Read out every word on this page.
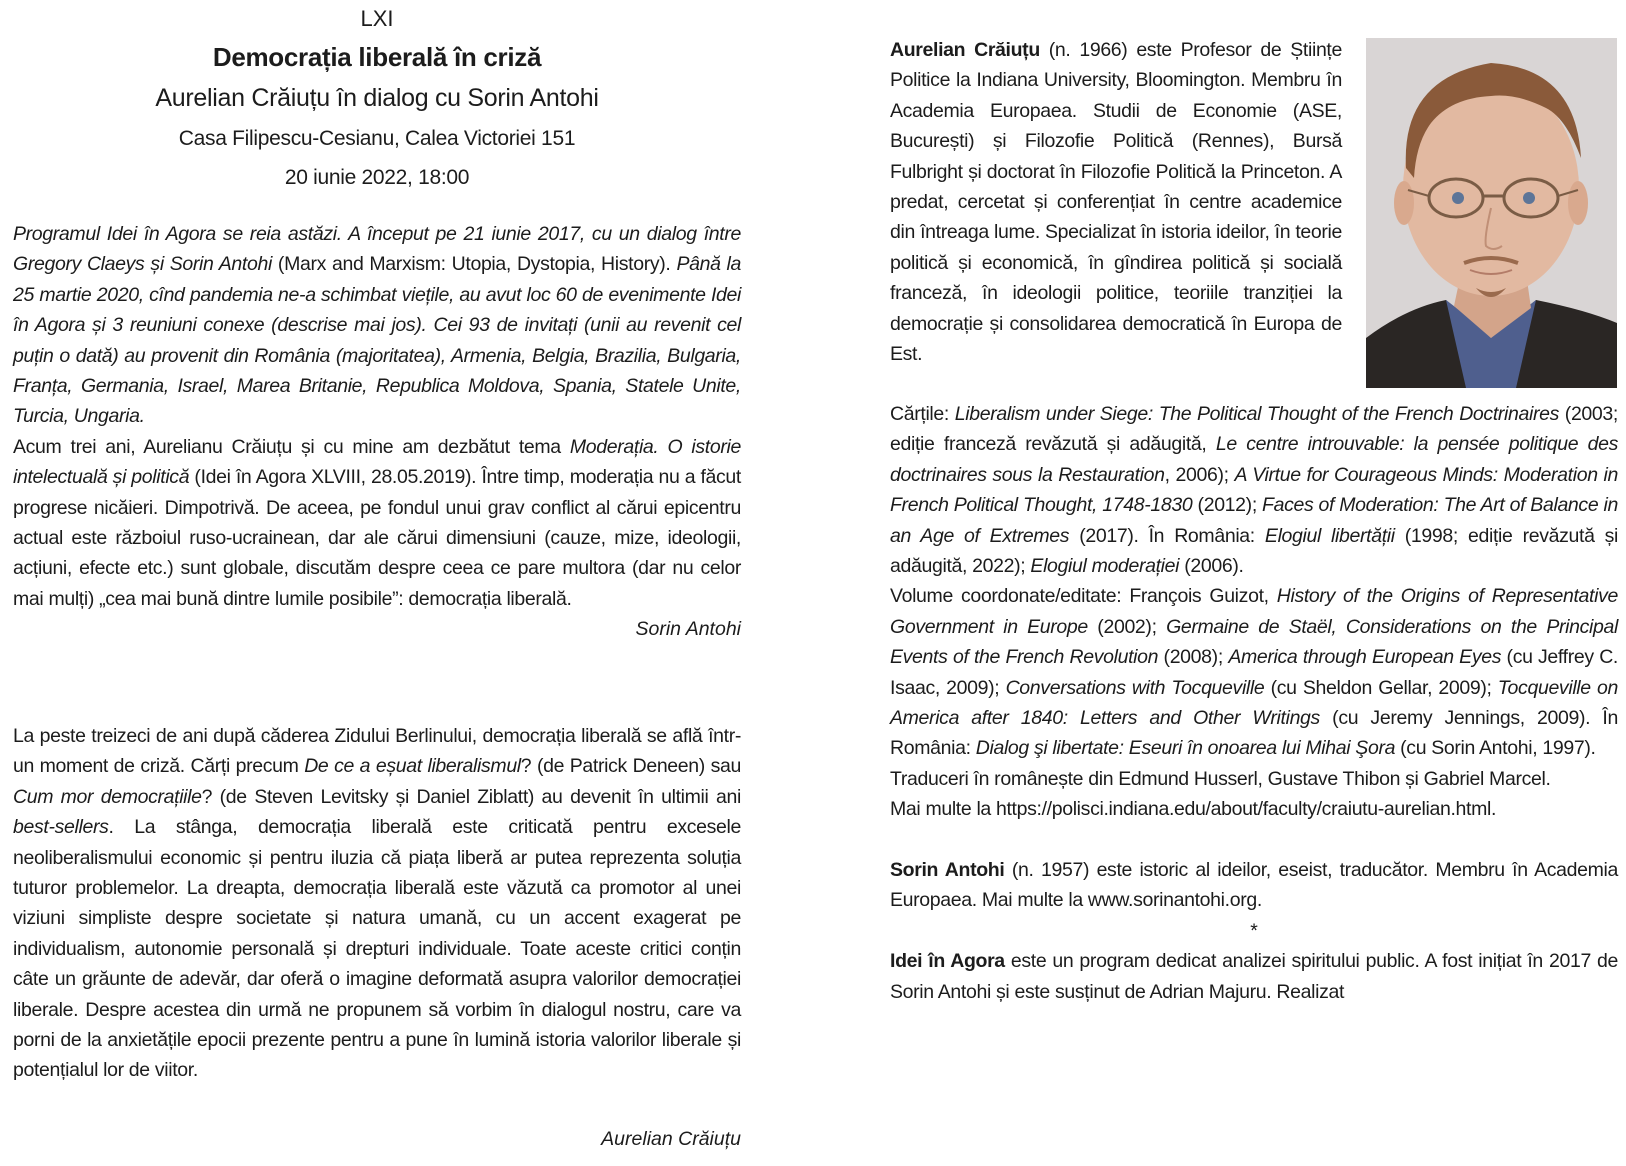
LXI
Democrația liberală în criză
Aurelian Crăiuțu în dialog cu Sorin Antohi
Casa Filipescu-Cesianu, Calea Victoriei 151
20 iunie 2022, 18:00

Programul Idei în Agora se reia astăzi. A început pe 21 iunie 2017, cu un dialog între Gregory Claeys și Sorin Antohi (Marx and Marxism: Utopia, Dystopia, History). Până la 25 martie 2020, cînd pandemia ne-a schimbat viețile, au avut loc 60 de evenimente Idei în Agora și 3 reuniuni conexe (descrise mai jos). Cei 93 de invitați (unii au revenit cel puțin o dată) au provenit din România (majoritatea), Armenia, Belgia, Brazilia, Bulgaria, Franța, Germania, Israel, Marea Britanie, Republica Moldova, Spania, Statele Unite, Turcia, Ungaria.

Acum trei ani, Aurelianu Crăiuțu și cu mine am dezbătut tema Moderația. O istorie intelectuală și politică (Idei în Agora XLVIII, 28.05.2019). Între timp, moderația nu a făcut progrese nicăieri. Dimpotrivă. De aceea, pe fondul unui grav conflict al cărui epicentru actual este războiul ruso-ucrainean, dar ale cărui dimensiuni (cauze, mize, ideologii, acțiuni, efecte etc.) sunt globale, discutăm despre ceea ce pare multora (dar nu celor mai mulți) „cea mai bună dintre lumile posibile”: democrația liberală.

Sorin Antohi

La peste treizeci de ani după căderea Zidului Berlinului, democrația liberală se află într-un moment de criză. Cărți precum De ce a eșuat liberalismul? (de Patrick Deneen) sau Cum mor democrațiile? (de Steven Levitsky și Daniel Ziblatt) au devenit în ultimii ani best-sellers. La stânga, democrația liberală este criticată pentru excesele neoliberalismului economic și pentru iluzia că piața liberă ar putea reprezenta soluția tuturor problemelor. La dreapta, democrația liberală este văzută ca promotor al unei viziuni simpliste despre societate și natura umană, cu un accent exagerat pe individualism, autonomie personală și drepturi individuale. Toate aceste critici conțin câte un grăunte de adevăr, dar oferă o imagine deformată asupra valorilor democrației liberale. Despre acestea din urmă ne propunem să vorbim în dialogul nostru, care va porni de la anxietățile epocii prezente pentru a pune în lumină istoria valorilor liberale și potențialul lor de viitor.

Aurelian Crăiuțu

Aurelian Crăiuțu (n. 1966) este Profesor de Științe Politice la Indiana University, Bloomington. Membru în Academia Europaea. Studii de Economie (ASE, București) și Filozofie Politică (Rennes), Bursă Fulbright și doctorat în Filozofie Politică la Princeton. A predat, cercetat și conferențiat în centre academice din întreaga lume. Specializat în istoria ideilor, în teorie politică și economică, în gîndirea politică și socială franceză, în ideologii politice, teoriile tranziției la democrație și consolidarea democratică în Europa de Est.

Cărțile: Liberalism under Siege: The Political Thought of the French Doctrinaires (2003; ediție franceză revăzută și adăugită, Le centre introuvable: la pensée politique des doctrinaires sous la Restauration, 2006); A Virtue for Courageous Minds: Moderation in French Political Thought, 1748-1830 (2012); Faces of Moderation: The Art of Balance in an Age of Extremes (2017). În România: Elogiul libertății (1998; ediție revăzută și adăugită, 2022); Elogiul moderației (2006).

Volume coordonate/editate: François Guizot, History of the Origins of Representative Government in Europe (2002); Germaine de Staël, Considerations on the Principal Events of the French Revolution (2008); America through European Eyes (cu Jeffrey C. Isaac, 2009); Conversations with Tocqueville (cu Sheldon Gellar, 2009); Tocqueville on America after 1840: Letters and Other Writings (cu Jeremy Jennings, 2009). În România: Dialog şi libertate: Eseuri în onoarea lui Mihai Şora (cu Sorin Antohi, 1997).

Traduceri în românește din Edmund Husserl, Gustave Thibon și Gabriel Marcel.

Mai multe la https://polisci.indiana.edu/about/faculty/craiutu-aurelian.html.

Sorin Antohi (n. 1957) este istoric al ideilor, eseist, traducător. Membru în Academia Europaea. Mai multe la www.sorinantohi.org.

*

Idei în Agora este un program dedicat analizei spiritului public. A fost inițiat în 2017 de Sorin Antohi și este susținut de Adrian Majuru. Realizat
